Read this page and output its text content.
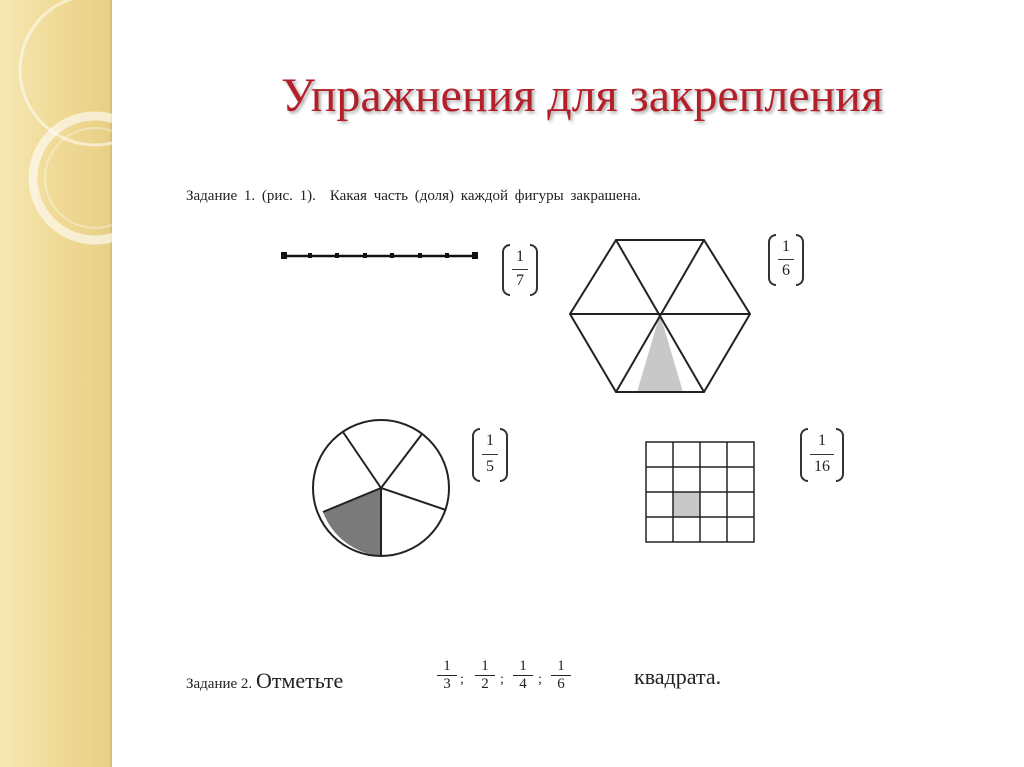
Упражнения для закрепления
Задание 1. (рис. 1). Какая часть (доля) каждой фигуры закрашена.
1
7
1
6
1
5
1
16
Задание 2. Отметьте	квадрата.
1
3 ;
1
2 ;
1
4 ;
1
6
